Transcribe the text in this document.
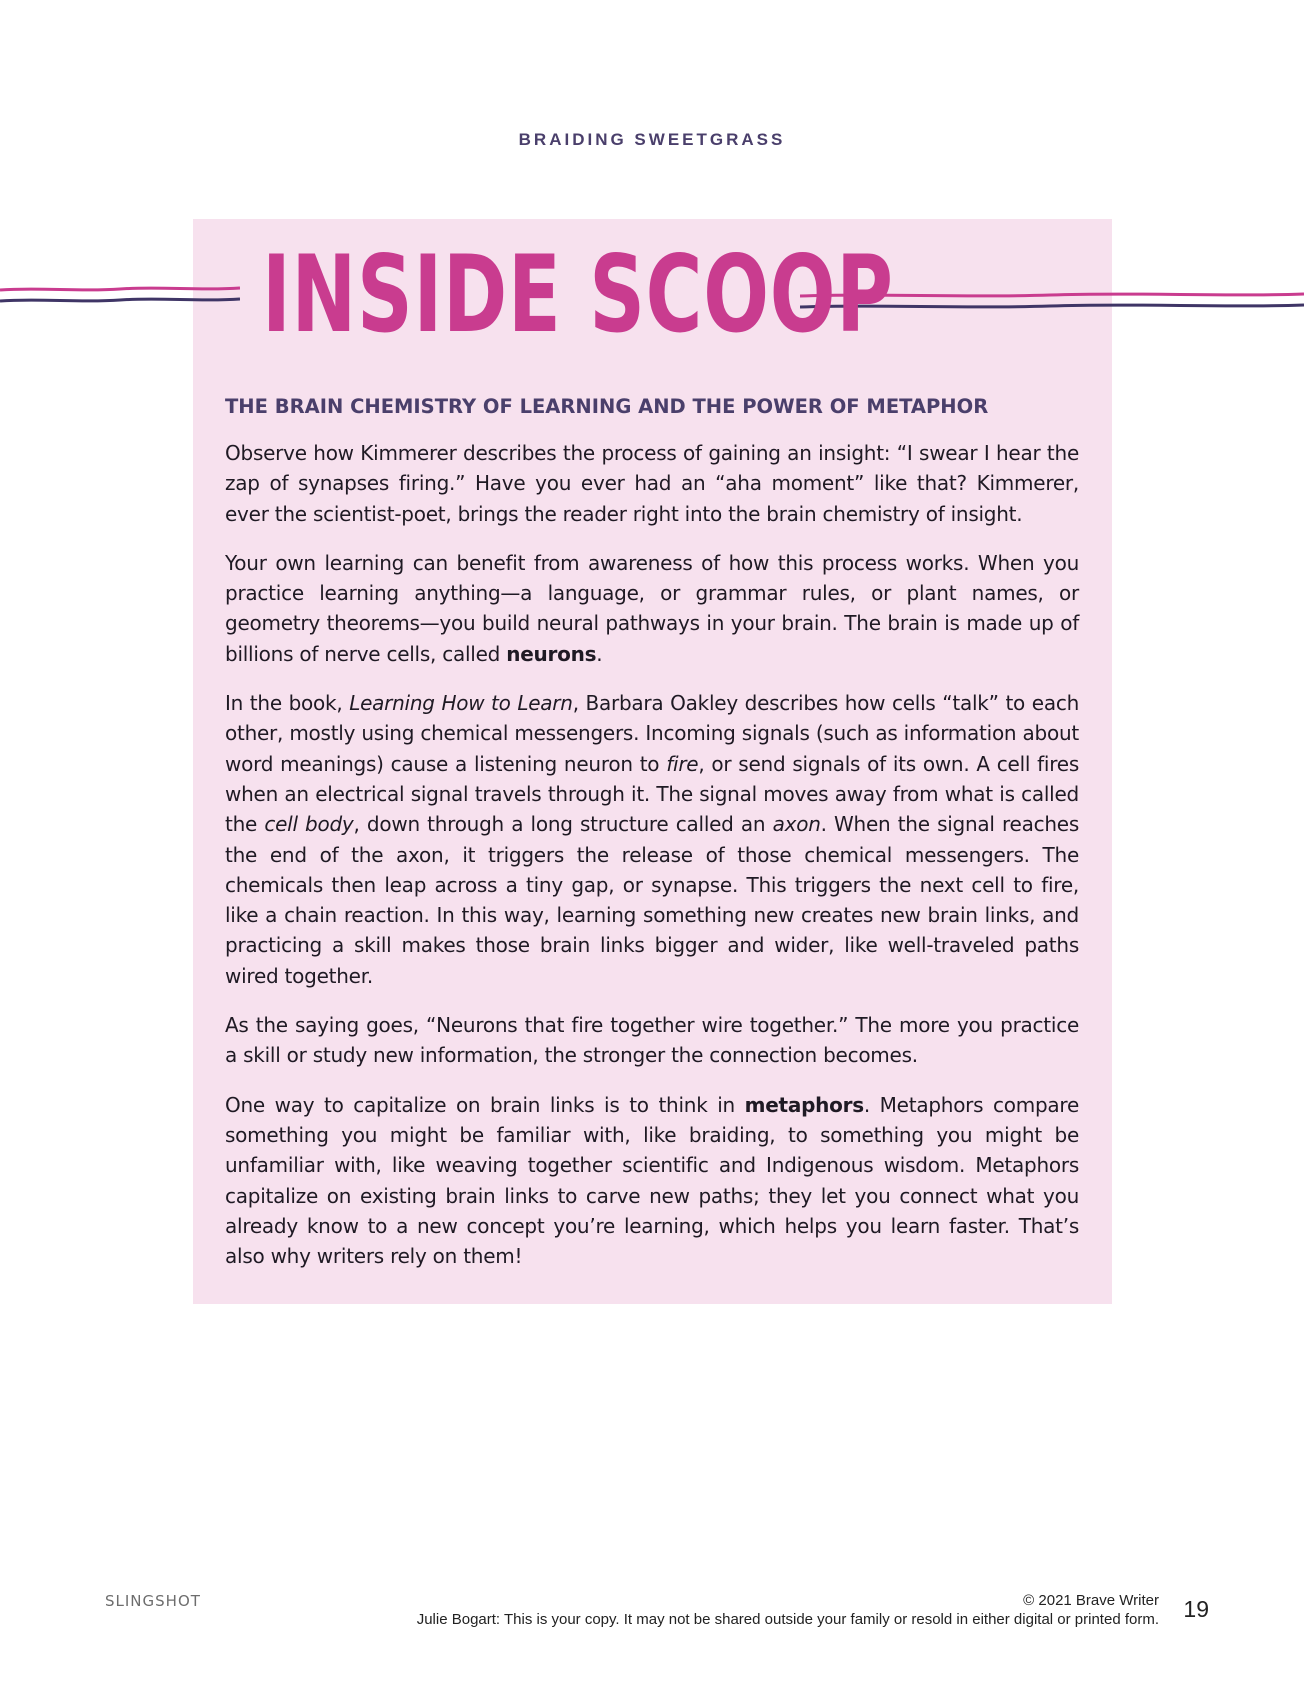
BRAIDING SWEETGRASS
INSIDE SCOOP
THE BRAIN CHEMISTRY OF LEARNING AND THE POWER OF METAPHOR

Observe how Kimmerer describes the process of gaining an insight: “I swear I hear the zap of synapses firing.” Have you ever had an “aha moment” like that? Kimmerer, ever the scientist-poet, brings the reader right into the brain chemistry of insight.

Your own learning can benefit from awareness of how this process works. When you practice learning anything—a language, or grammar rules, or plant names, or geometry theorems—you build neural pathways in your brain. The brain is made up of billions of nerve cells, called neurons.

In the book, Learning How to Learn, Barbara Oakley describes how cells “talk” to each other, mostly using chemical messengers. Incoming signals (such as information about word meanings) cause a listening neuron to fire, or send signals of its own. A cell fires when an electrical signal travels through it. The signal moves away from what is called the cell body, down through a long structure called an axon. When the signal reaches the end of the axon, it triggers the release of those chemical messengers. The chemicals then leap across a tiny gap, or synapse. This triggers the next cell to fire, like a chain reaction. In this way, learning something new creates new brain links, and practicing a skill makes those brain links bigger and wider, like well-traveled paths wired together.

As the saying goes, “Neurons that fire together wire together.” The more you practice a skill or study new information, the stronger the connection becomes.

One way to capitalize on brain links is to think in metaphors. Metaphors compare something you might be familiar with, like braiding, to something you might be unfamiliar with, like weaving together scientific and Indigenous wisdom. Metaphors capitalize on existing brain links to carve new paths; they let you connect what you already know to a new concept you’re learning, which helps you learn faster. That’s also why writers rely on them!

SLINGSHOT	© 2021 Brave Writer
Julie Bogart: This is your copy. It may not be shared outside your family or resold in either digital or printed form. 19
